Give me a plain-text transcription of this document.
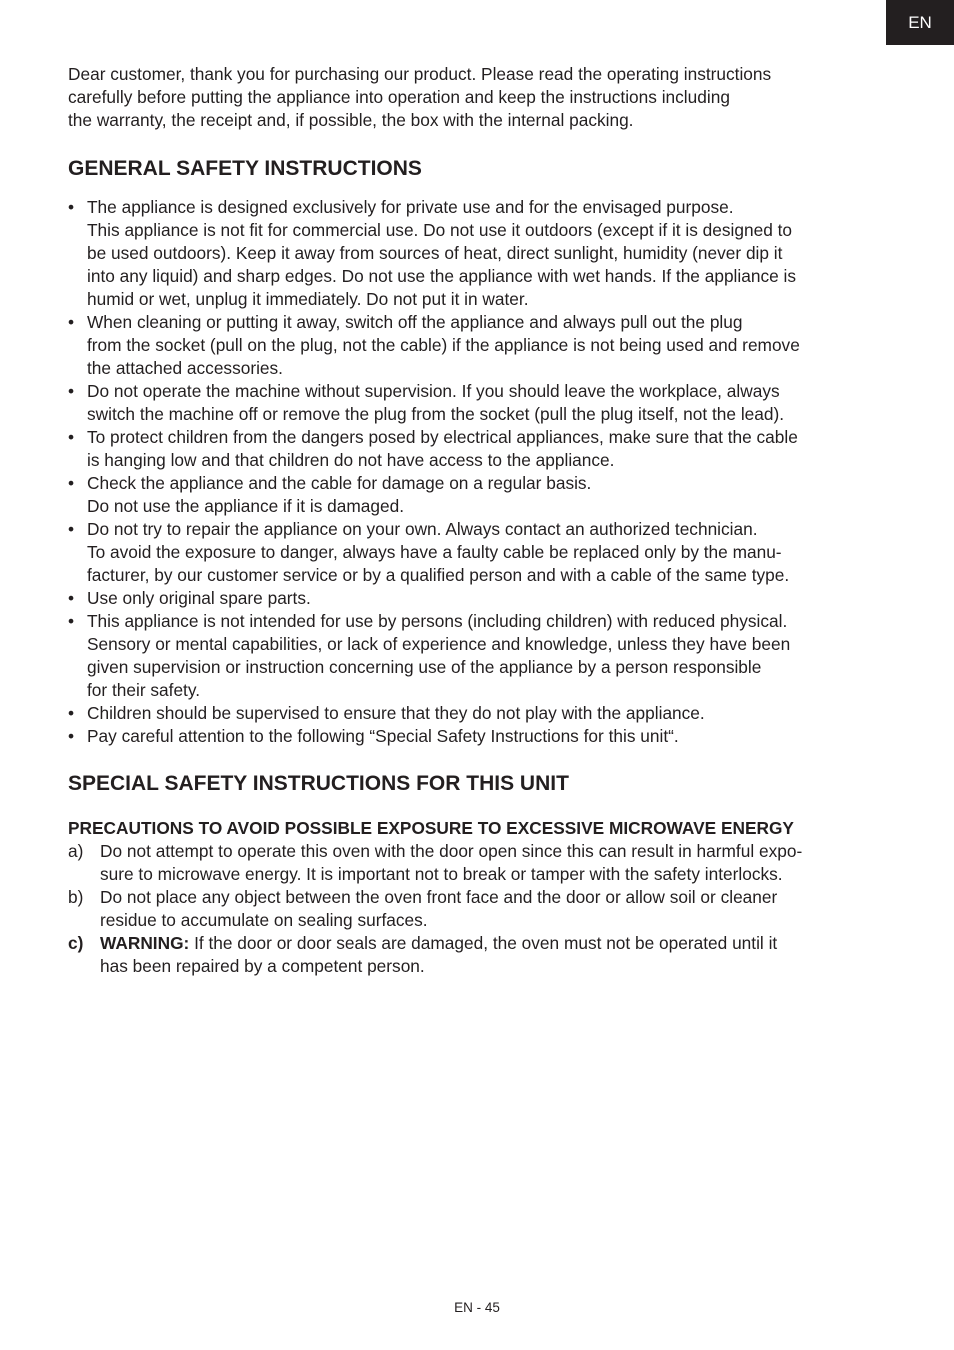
EN

Dear customer, thank you for purchasing our product. Please read the operating instructions

carefully before putting the appliance into operation and keep the instructions including

the warranty, the receipt and, if possible, the box with the internal packing.

GENERAL SAFETY INSTRUCTIONS
• The appliance is designed exclusively for private use and for the envisaged purpose.
This appliance is not fit for commercial use. Do not use it outdoors (except if it is designed to
be used outdoors). Keep it away from sources of heat, direct sunlight, humidity (never dip it
into any liquid) and sharp edges. Do not use the appliance with wet hands. If the appliance is
humid or wet, unplug it immediately. Do not put it in water.
• When cleaning or putting it away, switch off the appliance and always pull out the plug
from the socket (pull on the plug, not the cable) if the appliance is not being used and remove
the attached accessories.
• Do not operate the machine without supervision. If you should leave the workplace, always
switch the machine off or remove the plug from the socket (pull the plug itself, not the lead).
• To protect children from the dangers posed by electrical appliances, make sure that the cable
is hanging low and that children do not have access to the appliance.
• Check the appliance and the cable for damage on a regular basis.
Do not use the appliance if it is damaged.
• Do not try to repair the appliance on your own. Always contact an authorized technician.
To avoid the exposure to danger, always have a faulty cable be replaced only by the manu-
facturer, by our customer service or by a qualified person and with a cable of the same type.
• Use only original spare parts.
• This appliance is not intended for use by persons (including children) with reduced physical.
Sensory or mental capabilities, or lack of experience and knowledge, unless they have been
given supervision or instruction concerning use of the appliance by a person responsible
for their safety.
• Children should be supervised to ensure that they do not play with the appliance.
• Pay careful attention to the following “Special Safety Instructions for this unit“.
SPECIAL SAFETY INSTRUCTIONS FOR THIS UNIT
PRECAUTIONS TO AVOID POSSIBLE EXPOSURE TO EXCESSIVE MICROWAVE ENERGY
a) Do not attempt to operate this oven with the door open since this can result in harmful expo-
sure to microwave energy. It is important not to break or tamper with the safety interlocks.
b) Do not place any object between the oven front face and the door or allow soil or cleaner
residue to accumulate on sealing surfaces.
c) WARNING: If the door or door seals are damaged, the oven must not be operated until it
has been repaired by a competent person.
EN - 45
